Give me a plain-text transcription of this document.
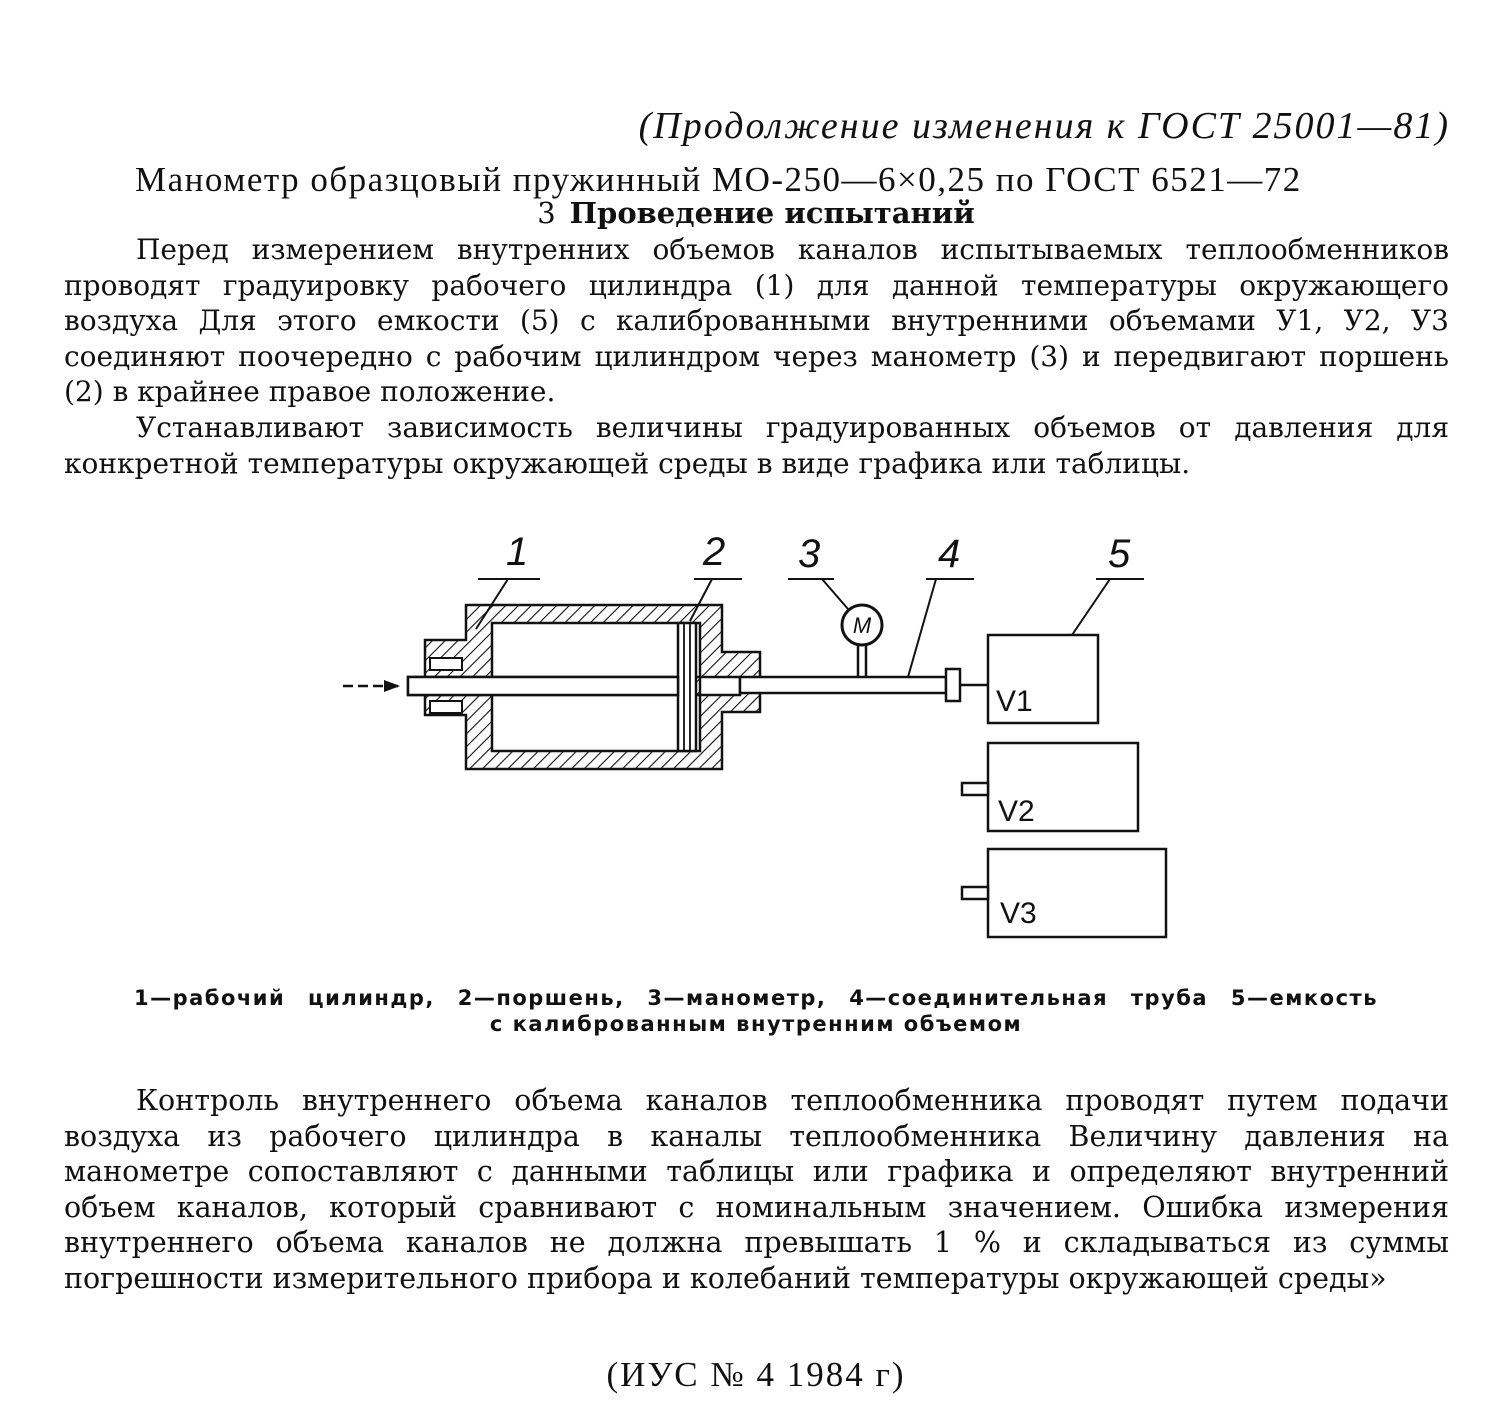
(Продолжение изменения к ГОСТ 25001—81)
Манометр образцовый пружинный МО-250—6×0,25 по ГОСТ 6521—72
3 Проведение испытаний
Перед измерением внутренних объемов каналов испытываемых теплообменников проводят градуировку рабочего цилиндра (1) для данной температуры окружающего воздуха Для этого емкости (5) с калиброванными внутренними объемами У1, У2, У3 соединяют поочередно с рабочим цилиндром через манометр (3) и передвигают поршень (2) в крайнее правое положение.
Устанавливают зависимость величины градуированных объемов от давления для конкретной температуры окружающей среды в виде графика или таблицы.
M
V1
V2
V3
1	2 3	4	5
1—рабочий цилиндр, 2—поршень, 3—манометр, 4—соединительная труба 5—емкость
с калиброванным внутренним объемом
Контроль внутреннего объема каналов теплообменника проводят путем подачи воздуха из рабочего цилиндра в каналы теплообменника Величину давления на манометре сопоставляют с данными таблицы или графика и определяют внутренний объем каналов, который сравнивают с номинальным значением. Ошибка измерения внутреннего объема каналов не должна превышать 1 % и складываться из суммы погрешности измерительного прибора и колебаний температуры окружающей среды»
(ИУС № 4 1984 г)
